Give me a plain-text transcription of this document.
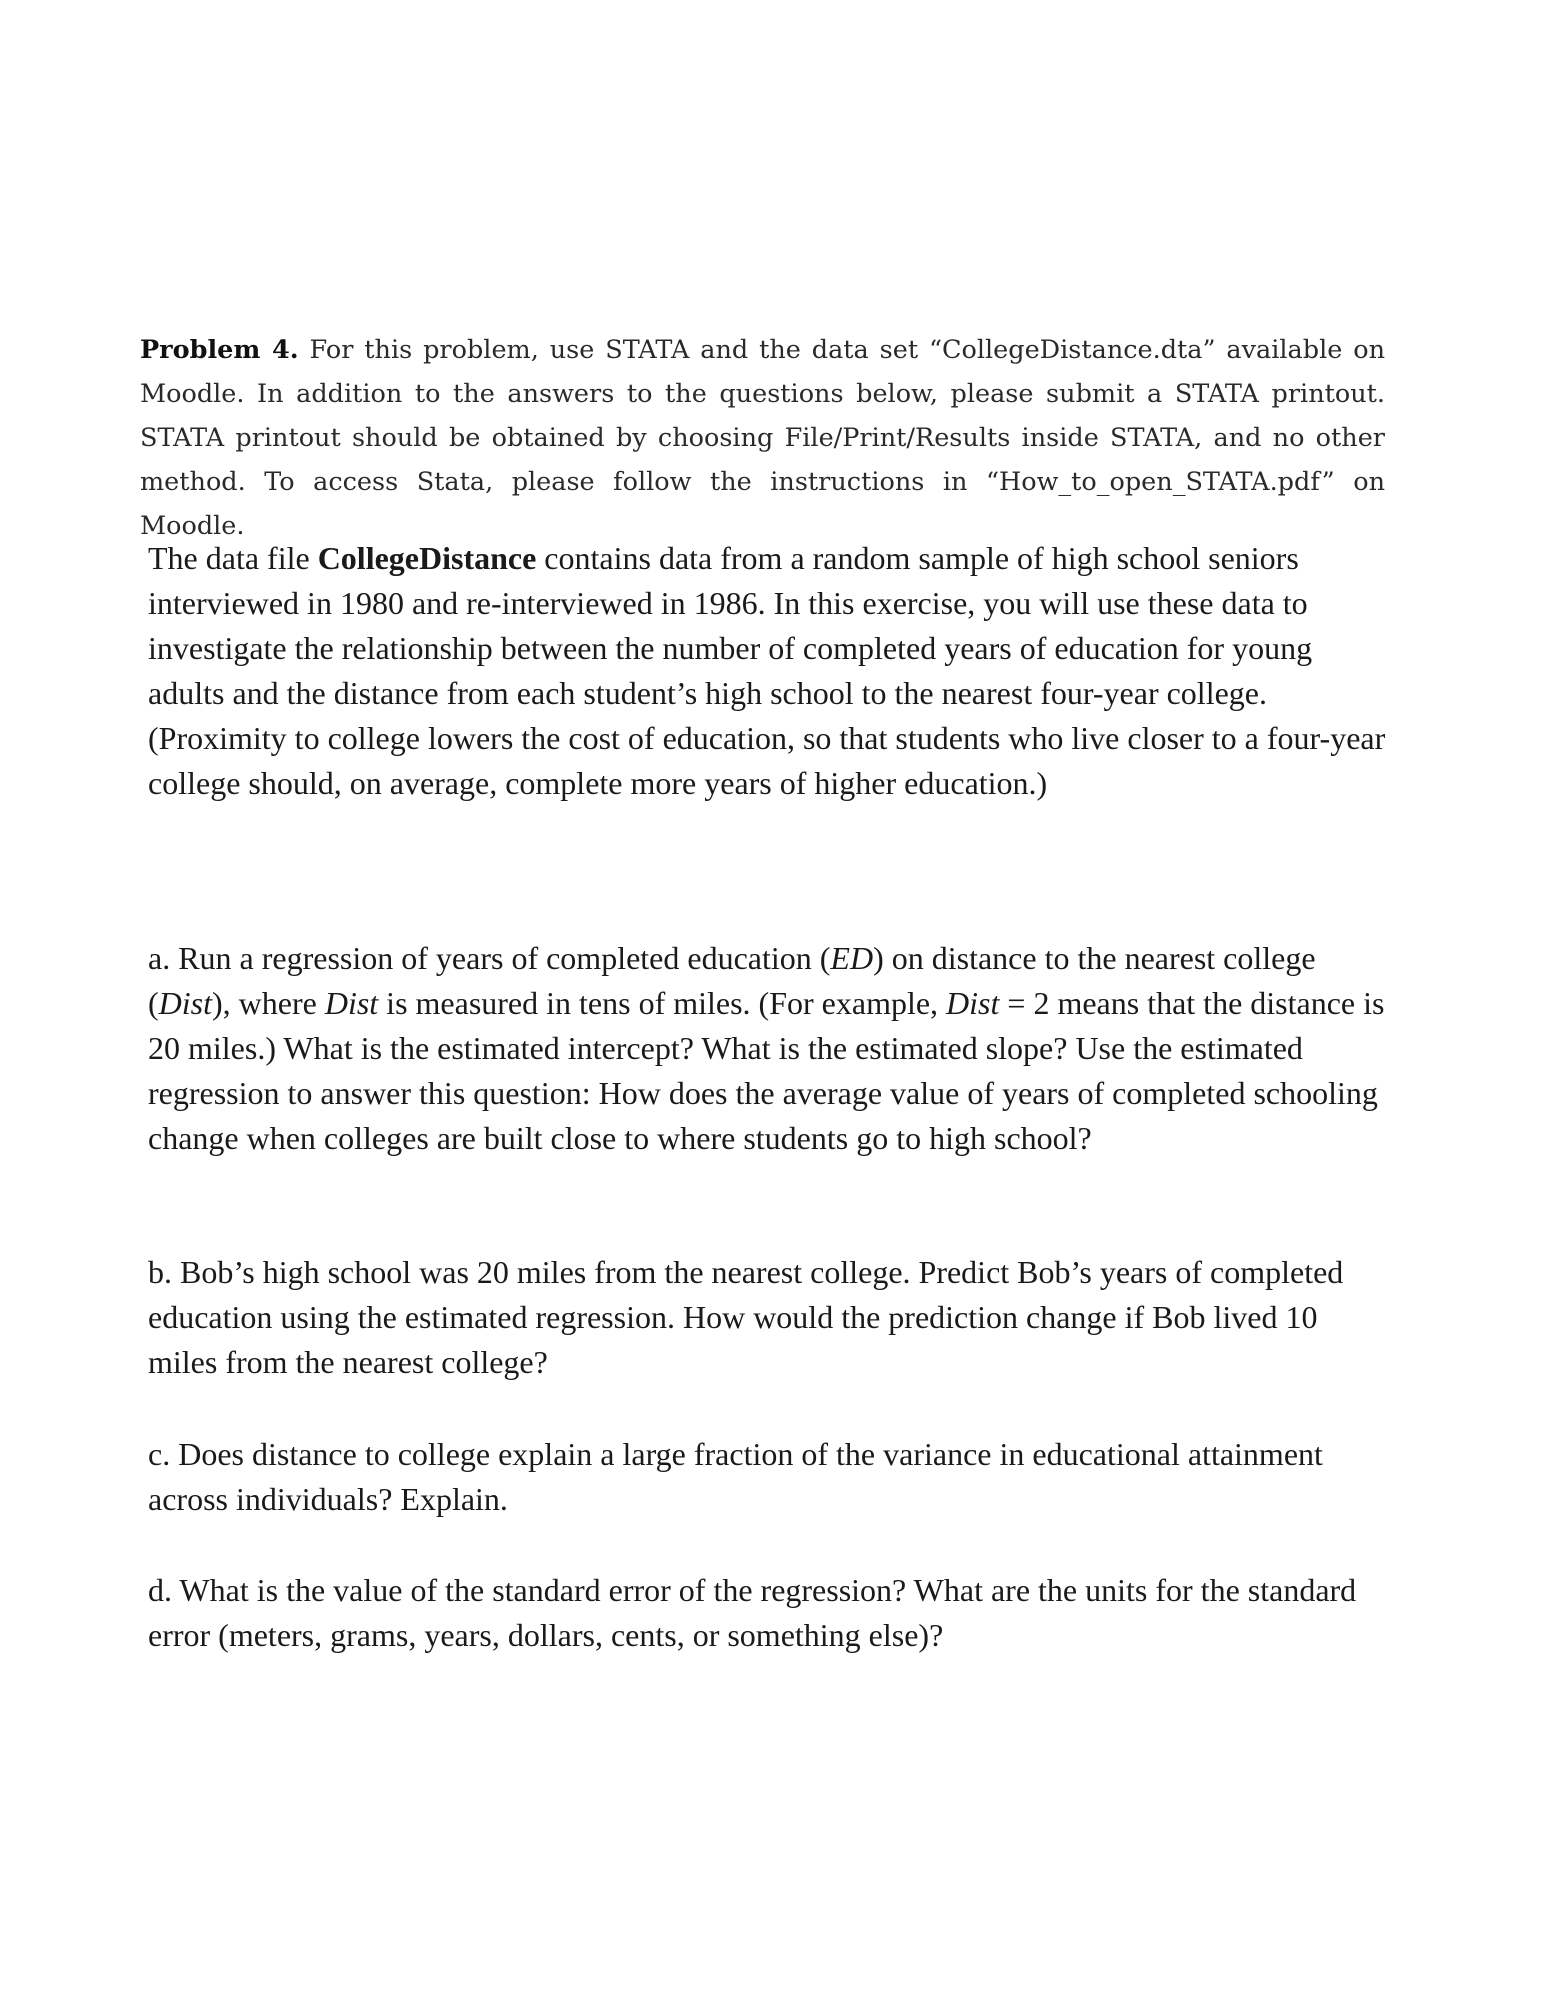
Problem 4. For this problem, use STATA and the data set “CollegeDistance.dta” available on Moodle. In addition to the answers to the questions below, please submit a STATA printout. STATA printout should be obtained by choosing File/Print/Results inside STATA, and no other method. To access Stata, please follow the instructions in “How_to_open_STATA.pdf” on Moodle.

The data file CollegeDistance contains data from a random sample of high school seniors interviewed in 1980 and re-interviewed in 1986. In this exercise, you will use these data to investigate the relationship between the number of completed years of education for young adults and the distance from each student’s high school to the nearest four-year college. (Proximity to college lowers the cost of education, so that students who live closer to a four-year college should, on average, complete more years of higher education.)

a. Run a regression of years of completed education (ED) on distance to the nearest college (Dist), where Dist is measured in tens of miles. (For example, Dist = 2 means that the distance is 20 miles.) What is the estimated intercept? What is the estimated slope? Use the estimated regression to answer this question: How does the average value of years of completed schooling change when colleges are built close to where students go to high school?

b. Bob’s high school was 20 miles from the nearest college. Predict Bob’s years of completed education using the estimated regression. How would the prediction change if Bob lived 10 miles from the nearest college?

c. Does distance to college explain a large fraction of the variance in educational attainment across individuals? Explain.

d. What is the value of the standard error of the regression? What are the units for the standard error (meters, grams, years, dollars, cents, or something else)?
